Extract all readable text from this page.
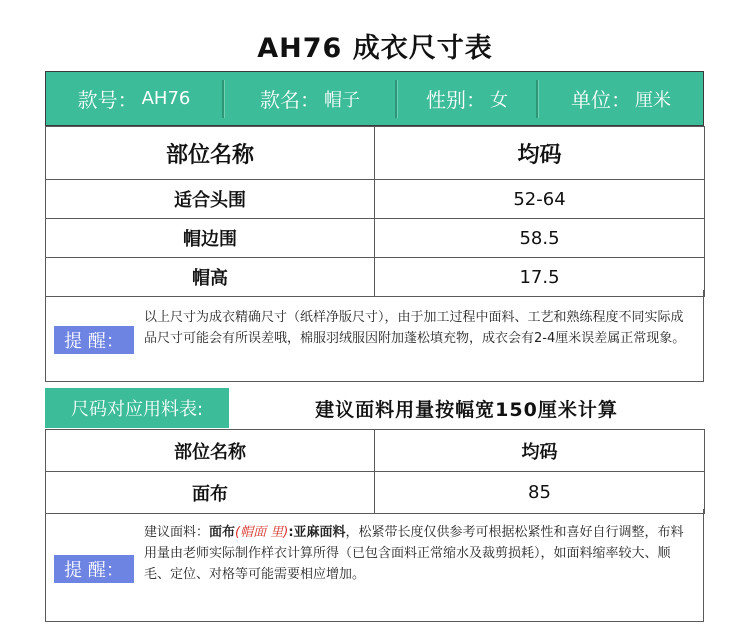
AH76 成衣尺寸表
款号： AH76	款名： 帽子	性别： 女	单位： 厘米
部位名称	均码
适合头围	52-64
帽边围	58.5
帽高	17.5
提 醒：
以上尺寸为成衣精确尺寸（纸样净版尺寸），由于加工过程中面料、工艺和熟练程度不同实际成品尺寸可能会有所误差哦，棉服羽绒服因附加蓬松填充物，成衣会有2-4厘米误差属正常现象。
尺码对应用料表:	建议面料用量按幅宽150厘米计算
部位名称	均码
面布	85
提 醒：
建议面料：面布(帽面 里):亚麻面料，松紧带长度仅供参考可根据松紧性和喜好自行调整，布料用量由老师实际制作样衣计算所得（已包含面料正常缩水及裁剪损耗），如面料缩率较大、顺毛、定位、对格等可能需要相应增加。
